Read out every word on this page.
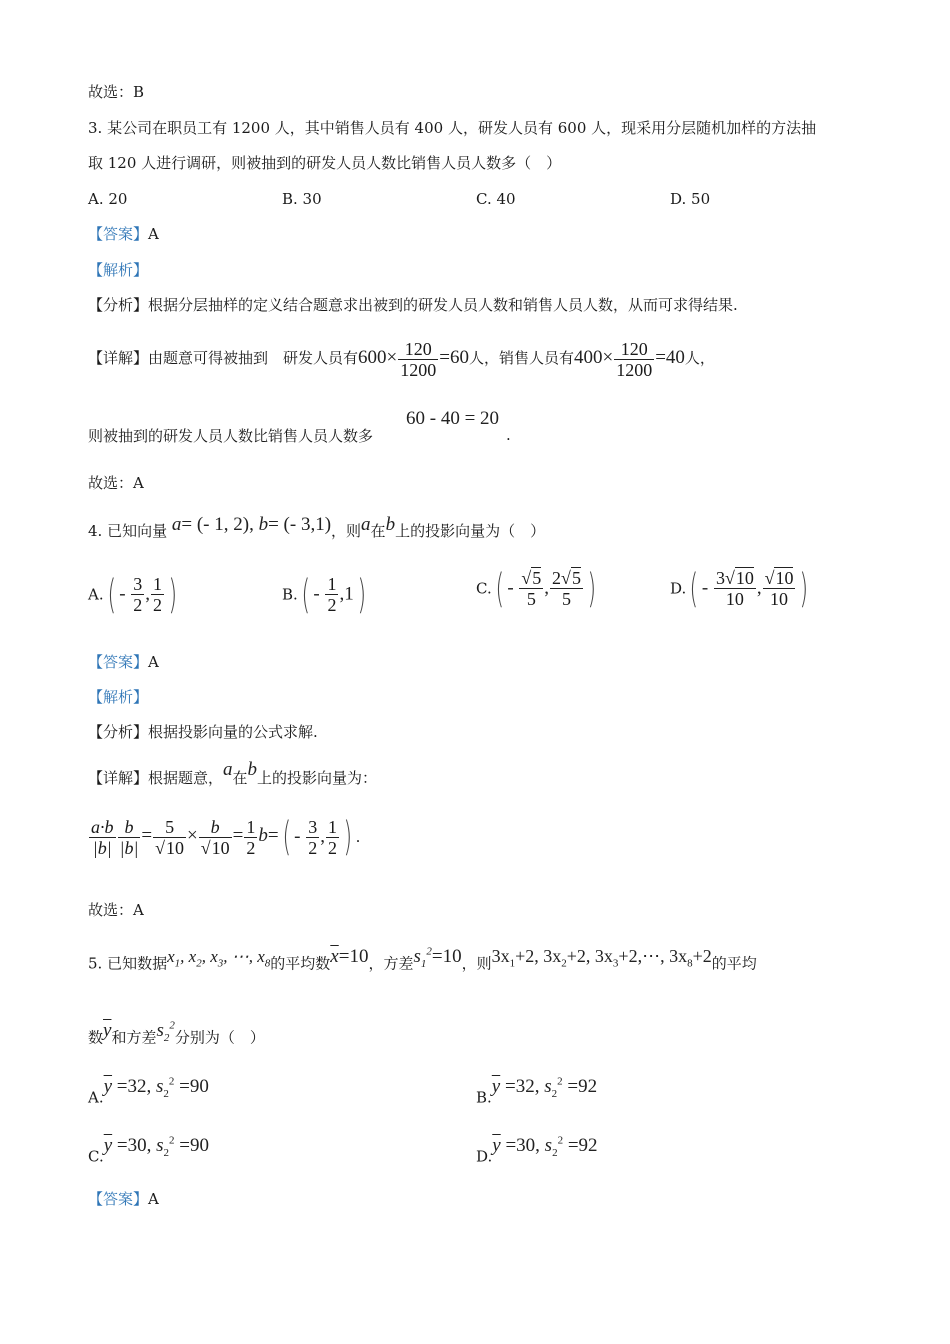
故选：B
3. 某公司在职员工有 1200 人，其中销售人员有 400 人，研发人员有 600 人，现采用分层随机加样的方法抽
取 120 人进行调研，则被抽到的研发人员人数比销售人员人数多（　）
A. 20	B. 30	C. 40	D. 50
【答案】A
【解析】
【分析】根据分层抽样的定义结合题意求出被到的研发人员人数和销售人员人数，从而可求得结果.
【详解】由题意可得被抽到　研发人员有$600\times \frac{120}{1200} =60$人，销售人员有$400\times \frac{120}{1200} =40$人，
则被抽到的研发人员人数比销售人员人数多
60 - 40 = 20
.
故选：A
4. 已知向量 a= (- 1, 2), b= (- 3,1)，则a在b上的投影向量为（　）
$A.( - \frac{3}{2}$ , $\frac{1}{2}$ )	$B.( - \frac{1}{2} ,1)$	$C.( - \frac{√5}{5}$ , $\frac{2√5}{5}$ )	$D.( - \frac{3√10}{10}$ , $\frac{√10}{10}$ )
【答案】A
【解析】
【分析】根据投影向量的公式求解.
【详解】根据题意，a在b上的投影向量为：
$\frac{a\cdot b}{|b|} \frac{b}{|b|} = \frac{5}{√10} \times \frac{b}{√10} = \frac{1}{2} b=( - \frac{3}{2}$ , $\frac{1}{2}$ ) .
故选：A
5. 已知数据$x_1$, $x_2$, $x_3$, ⋯, $x_8$的平均数$\overline{x}=10$，方差$s_1^2=10$，则$3x_1+2$, $3x_2+2$, $3x_3+2,\cdots$, $3x_8+2$的平均
数$\overline{y}$和方差$s_2^2$分别为（　）
$A.\overline{y} =32$, $s_2^2 =90$	$B.\overline{y} =32$, $s_2^2 =92$
$C.\overline{y} =30$, $s_2^2 =90$	$D.\overline{y} =30$, $s_2^2 =92$
【答案】A
